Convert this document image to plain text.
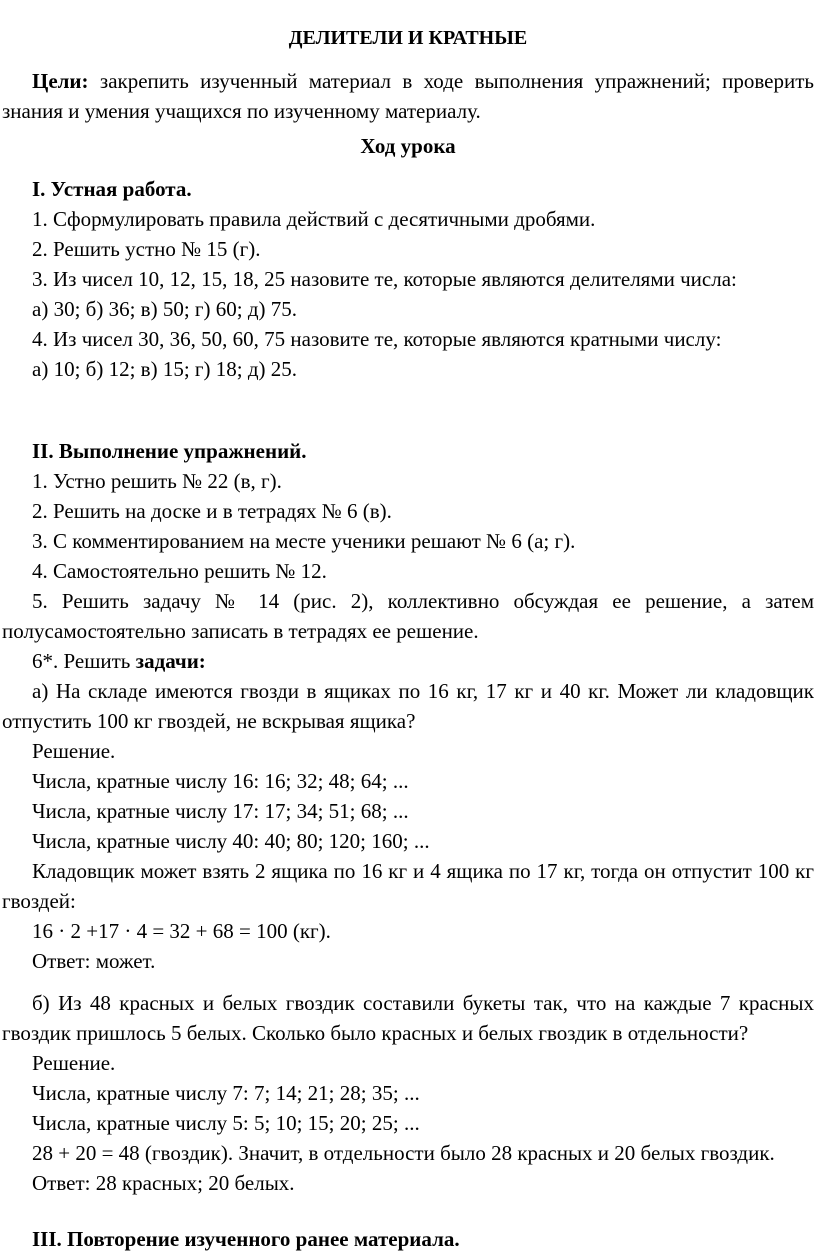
ДЕЛИТЕЛИ И КРАТНЫЕ
Цели: закрепить изученный материал в ходе выполнения упражнений; проверить знания и умения учащихся по изученному материалу.
Ход урока

I. Устная работа.

1. Сформулировать правила действий с десятичными дробями.

2. Решить устно № 15 (г).

3. Из чисел 10, 12, 15, 18, 25 назовите те, которые являются делителями числа:

а) 30; б) 36; в) 50; г) 60; д) 75.

4. Из чисел 30, 36, 50, 60, 75 назовите те, которые являются кратными числу:

а) 10; б) 12; в) 15; г) 18; д) 25.

II. Выполнение упражнений.

1. Устно решить № 22 (в, г).

2. Решить на доске и в тетрадях № 6 (в).

3. С комментированием на месте ученики решают № 6 (а; г).

4. Самостоятельно решить № 12.

5. Решить задачу № 14 (рис. 2), коллективно обсуждая ее решение, а затем полусамостоятельно записать в тетрадях ее решение.

6*. Решить задачи:

а) На складе имеются гвозди в ящиках по 16 кг, 17 кг и 40 кг. Может ли кладовщик отпустить 100 кг гвоздей, не вскрывая ящика?

Решение.

Числа, кратные числу 16: 16; 32; 48; 64; ...

Числа, кратные числу 17: 17; 34; 51; 68; ...

Числа, кратные числу 40: 40; 80; 120; 160; ...

Кладовщик может взять 2 ящика по 16 кг и 4 ящика по 17 кг, тогда он отпустит 100 кг гвоздей:

16 · 2 +17 · 4 = 32 + 68 = 100 (кг).

Ответ: может.

б) Из 48 красных и белых гвоздик составили букеты так, что на каждые 7 красных гвоздик пришлось 5 белых. Сколько было красных и белых гвоздик в отдельности?

Решение.

Числа, кратные числу 7: 7; 14; 21; 28; 35; ...

Числа, кратные числу 5: 5; 10; 15; 20; 25; ...

28 + 20 = 48 (гвоздик). Значит, в отдельности было 28 красных и 20 белых гвоздик.

Ответ: 28 красных; 20 белых.

III. Повторение изученного ранее материала.
